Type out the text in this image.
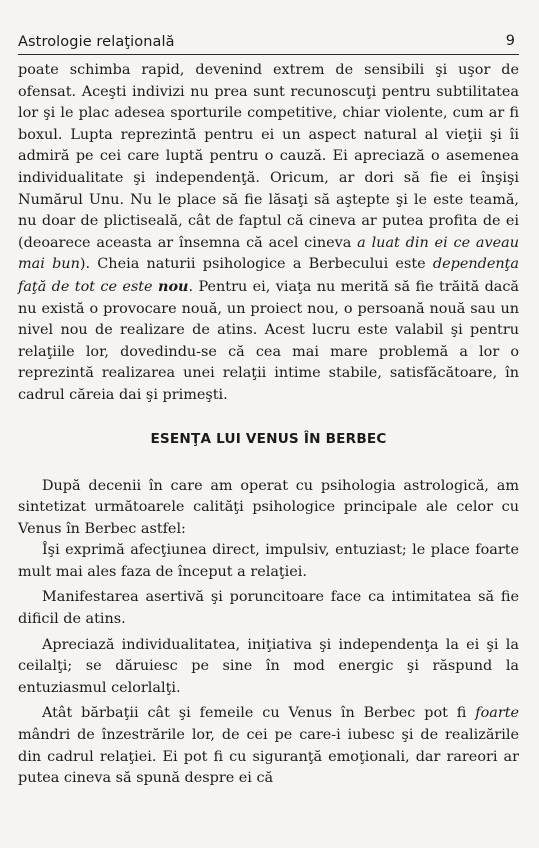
Astrologie relaţională	9

poate schimba rapid, devenind extrem de sensibili şi uşor de ofensat. Aceşti indivizi nu prea sunt recunoscuţi pentru subtilitatea lor şi le plac adesea sporturile competitive, chiar violente, cum ar fi boxul. Lupta reprezintă pentru ei un aspect natural al vieţii şi îi admiră pe cei care luptă pentru o cauză. Ei apreciază o asemenea individualitate şi independenţă. Oricum, ar dori să fie ei înşişi Numărul Unu. Nu le place să fie lăsaţi să aştepte şi le este teamă, nu doar de plictiseală, cât de faptul că cineva ar putea profita de ei (deoarece aceasta ar însemna că acel cineva a luat din ei ce aveau mai bun). Cheia naturii psihologice a Berbecului este dependenţa faţă de tot ce este nou. Pentru ei, viaţa nu merită să fie trăită dacă nu există o provocare nouă, un proiect nou, o persoană nouă sau un nivel nou de realizare de atins. Acest lucru este valabil şi pentru relaţiile lor, dovedindu-se că cea mai mare problemă a lor o reprezintă realizarea unei relaţii intime stabile, satisfăcătoare, în cadrul căreia dai şi primeşti.

ESENŢA LUI VENUS ÎN BERBEC

După decenii în care am operat cu psihologia astrologică, am sintetizat următoarele calităţi psihologice principale ale celor cu Venus în Berbec astfel:

Îşi exprimă afecţiunea direct, impulsiv, entuziast; le place foarte mult mai ales faza de început a relaţiei.

Manifestarea asertivă şi poruncitoare face ca intimitatea să fie dificil de atins.

Apreciază individualitatea, iniţiativa şi independenţa la ei şi la ceilalţi; se dăruiesc pe sine în mod energic şi răspund la entuziasmul celorlalţi.

Atât bărbaţii cât şi femeile cu Venus în Berbec pot fi foarte mândri de înzestrările lor, de cei pe care-i iubesc şi de realizările din cadrul relaţiei. Ei pot fi cu siguranţă emoţionali, dar rareori ar putea cineva să spună despre ei că
